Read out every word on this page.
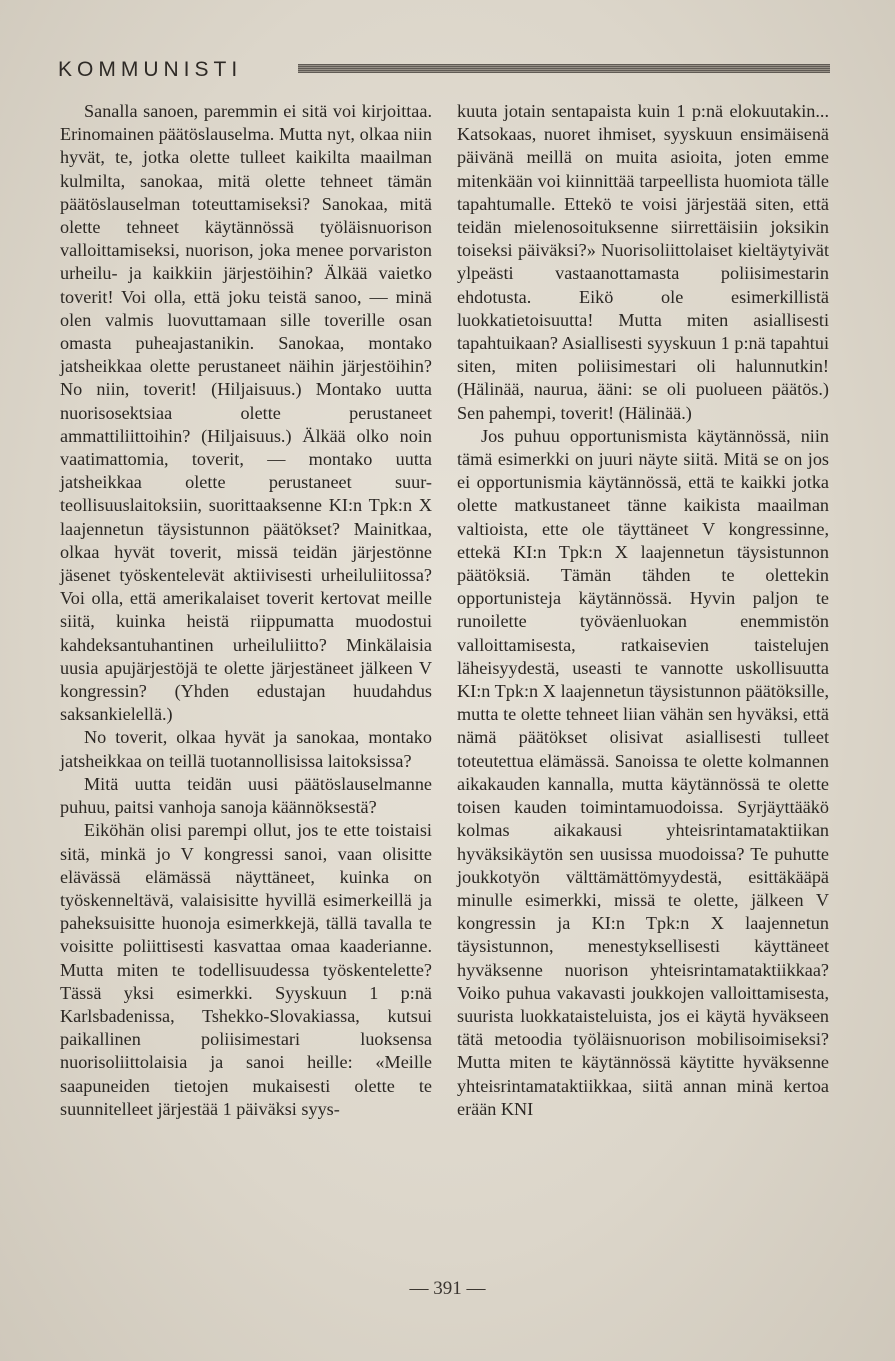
KOMMUNISTI

Sanalla sanoen, paremmin ei sitä voi kirjoittaa. Erinomainen päätöslauselma. Mutta nyt, olkaa niin hyvät, te, jotka olette tulleet kaikilta maailman kulmilta, sanokaa, mitä olette tehneet tämän päätöslauselman toteuttamiseksi? Sanokaa, mitä olette tehneet käytännössä työläisnuorison valloittamiseksi, nuorison, joka menee porvariston urheilu- ja kaikkiin järjestöihin? Älkää vaietko toverit! Voi olla, että joku teistä sanoo, — minä olen valmis luovuttamaan sille toverille osan omasta puheajastanikin. Sanokaa, montako jatsheikkaa olette perustaneet näihin järjestöihin? No niin, toverit! (Hiljaisuus.) Montako uutta nuorisosektsiaa olette perustaneet ammattiliittoihin? (Hiljaisuus.) Älkää olko noin vaatimattomia, toverit, — montako uutta jatsheikkaa olette perustaneet suur-teollisuuslaitoksiin, suorittaaksenne KI:n Tpk:n X laajennetun täysistunnon päätökset? Mainitkaa, olkaa hyvät toverit, missä teidän järjestönne jäsenet työskentelevät aktiivisesti urheiluliitossa? Voi olla, että amerikalaiset toverit kertovat meille siitä, kuinka heistä riippumatta muodostui kahdeksantuhantinen urheiluliitto? Minkälaisia uusia apujärjestöjä te olette järjestäneet jälkeen V kongressin? (Yhden edustajan huudahdus saksankielellä.)

No toverit, olkaa hyvät ja sanokaa, montako jatsheikkaa on teillä tuotannollisissa laitoksissa?

Mitä uutta teidän uusi päätöslauselmanne puhuu, paitsi vanhoja sanoja käännöksestä?

Eiköhän olisi parempi ollut, jos te ette toistaisi sitä, minkä jo V kongressi sanoi, vaan olisitte elävässä elämässä näyttäneet, kuinka on työskenneltävä, valaisisitte hyvillä esimerkeillä ja paheksuisitte huonoja esimerkkejä, tällä tavalla te voisitte poliittisesti kasvattaa omaa kaaderianne. Mutta miten te todellisuudessa työskentelette? Tässä yksi esimerkki. Syyskuun 1 p:nä Karlsbadenissa, Tshekko-Slovakiassa, kutsui paikallinen poliisimestari luoksensa nuorisoliittolaisia ja sanoi heille: «Meille saapuneiden tietojen mukaisesti olette te suunnitelleet järjestää 1 päiväksi syys-

kuuta jotain sentapaista kuin 1 p:nä elokuutakin... Katsokaas, nuoret ihmiset, syyskuun ensimäisenä päivänä meillä on muita asioita, joten emme mitenkään voi kiinnittää tarpeellista huomiota tälle tapahtumalle. Ettekö te voisi järjestää siten, että teidän mielenosoituksenne siirrettäisiin joksikin toiseksi päiväksi?» Nuorisoliittolaiset kieltäytyivät ylpeästi vastaanottamasta poliisimestarin ehdotusta. Eikö ole esimerkillistä luokkatietoisuutta! Mutta miten asiallisesti tapahtuikaan? Asiallisesti syyskuun 1 p:nä tapahtui siten, miten poliisimestari oli halunnutkin! (Hälinää, naurua, ääni: se oli puolueen päätös.) Sen pahempi, toverit! (Hälinää.)

Jos puhuu opportunismista käytännössä, niin tämä esimerkki on juuri näyte siitä. Mitä se on jos ei opportunismia käytännössä, että te kaikki jotka olette matkustaneet tänne kaikista maailman valtioista, ette ole täyttäneet V kongressinne, ettekä KI:n Tpk:n X laajennetun täysistunnon päätöksiä. Tämän tähden te olettekin opportunisteja käytännössä. Hyvin paljon te runoilette työväenluokan enemmistön valloittamisesta, ratkaisevien taistelujen läheisyydestä, useasti te vannotte uskollisuutta KI:n Tpk:n X laajennetun täysistunnon päätöksille, mutta te olette tehneet liian vähän sen hyväksi, että nämä päätökset olisivat asiallisesti tulleet toteutettua elämässä. Sanoissa te olette kolmannen aikakauden kannalla, mutta käytännössä te olette toisen kauden toimintamuodoissa. Syrjäyttääkö kolmas aikakausi yhteisrintamataktiikan hyväksikäytön sen uusissa muodoissa? Te puhutte joukkotyön välttämättömyydestä, esittäkääpä minulle esimerkki, missä te olette, jälkeen V kongressin ja KI:n Tpk:n X laajennetun täysistunnon, menestyksellisesti käyttäneet hyväksenne nuorison yhteisrintamataktiikkaa? Voiko puhua vakavasti joukkojen valloittamisesta, suurista luokkataisteluista, jos ei käytä hyväkseen tätä metoodia työläisnuorison mobilisoimiseksi? Mutta miten te käytännössä käytitte hyväksenne yhteisrintamataktiikkaa, siitä annan minä kertoa erään KNI

— 391 —
